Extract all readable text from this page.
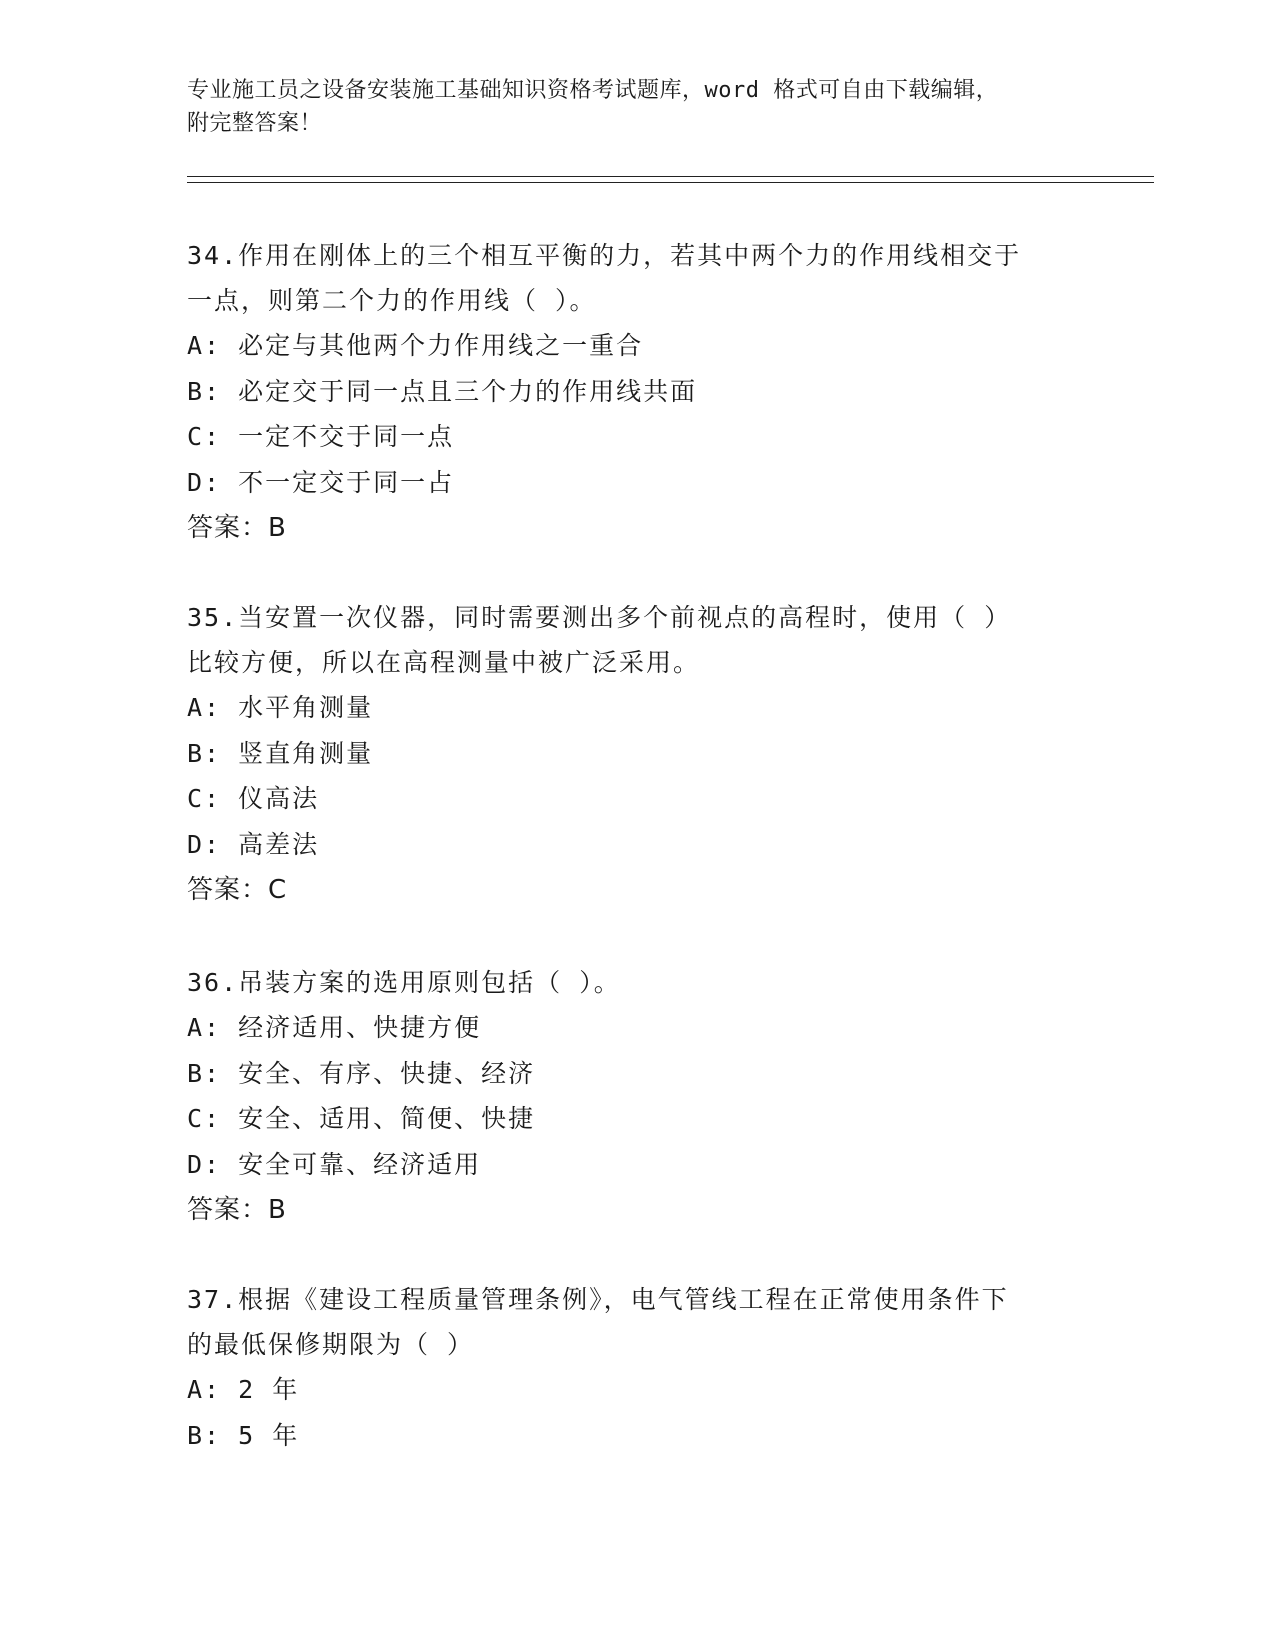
专业施工员之设备安装施工基础知识资格考试题库，word 格式可自由下载编辑，
附完整答案！
34.作用在刚体上的三个相互平衡的力，若其中两个力的作用线相交于
一点，则第二个力的作用线（ ）。
A: 必定与其他两个力作用线之一重合
B: 必定交于同一点且三个力的作用线共面
C: 一定不交于同一点
D: 不一定交于同一占
答案：B
35.当安置一次仪器，同时需要测出多个前视点的高程时，使用（ ）
比较方便，所以在高程测量中被广泛采用。
A: 水平角测量
B: 竖直角测量
C: 仪高法
D: 高差法
答案：C
36.吊装方案的选用原则包括（ ）。
A: 经济适用、快捷方便
B: 安全、有序、快捷、经济
C: 安全、适用、简便、快捷
D: 安全可靠、经济适用
答案：B
37.根据《建设工程质量管理条例》，电气管线工程在正常使用条件下
的最低保修期限为（ ）
A: 2 年
B: 5 年
